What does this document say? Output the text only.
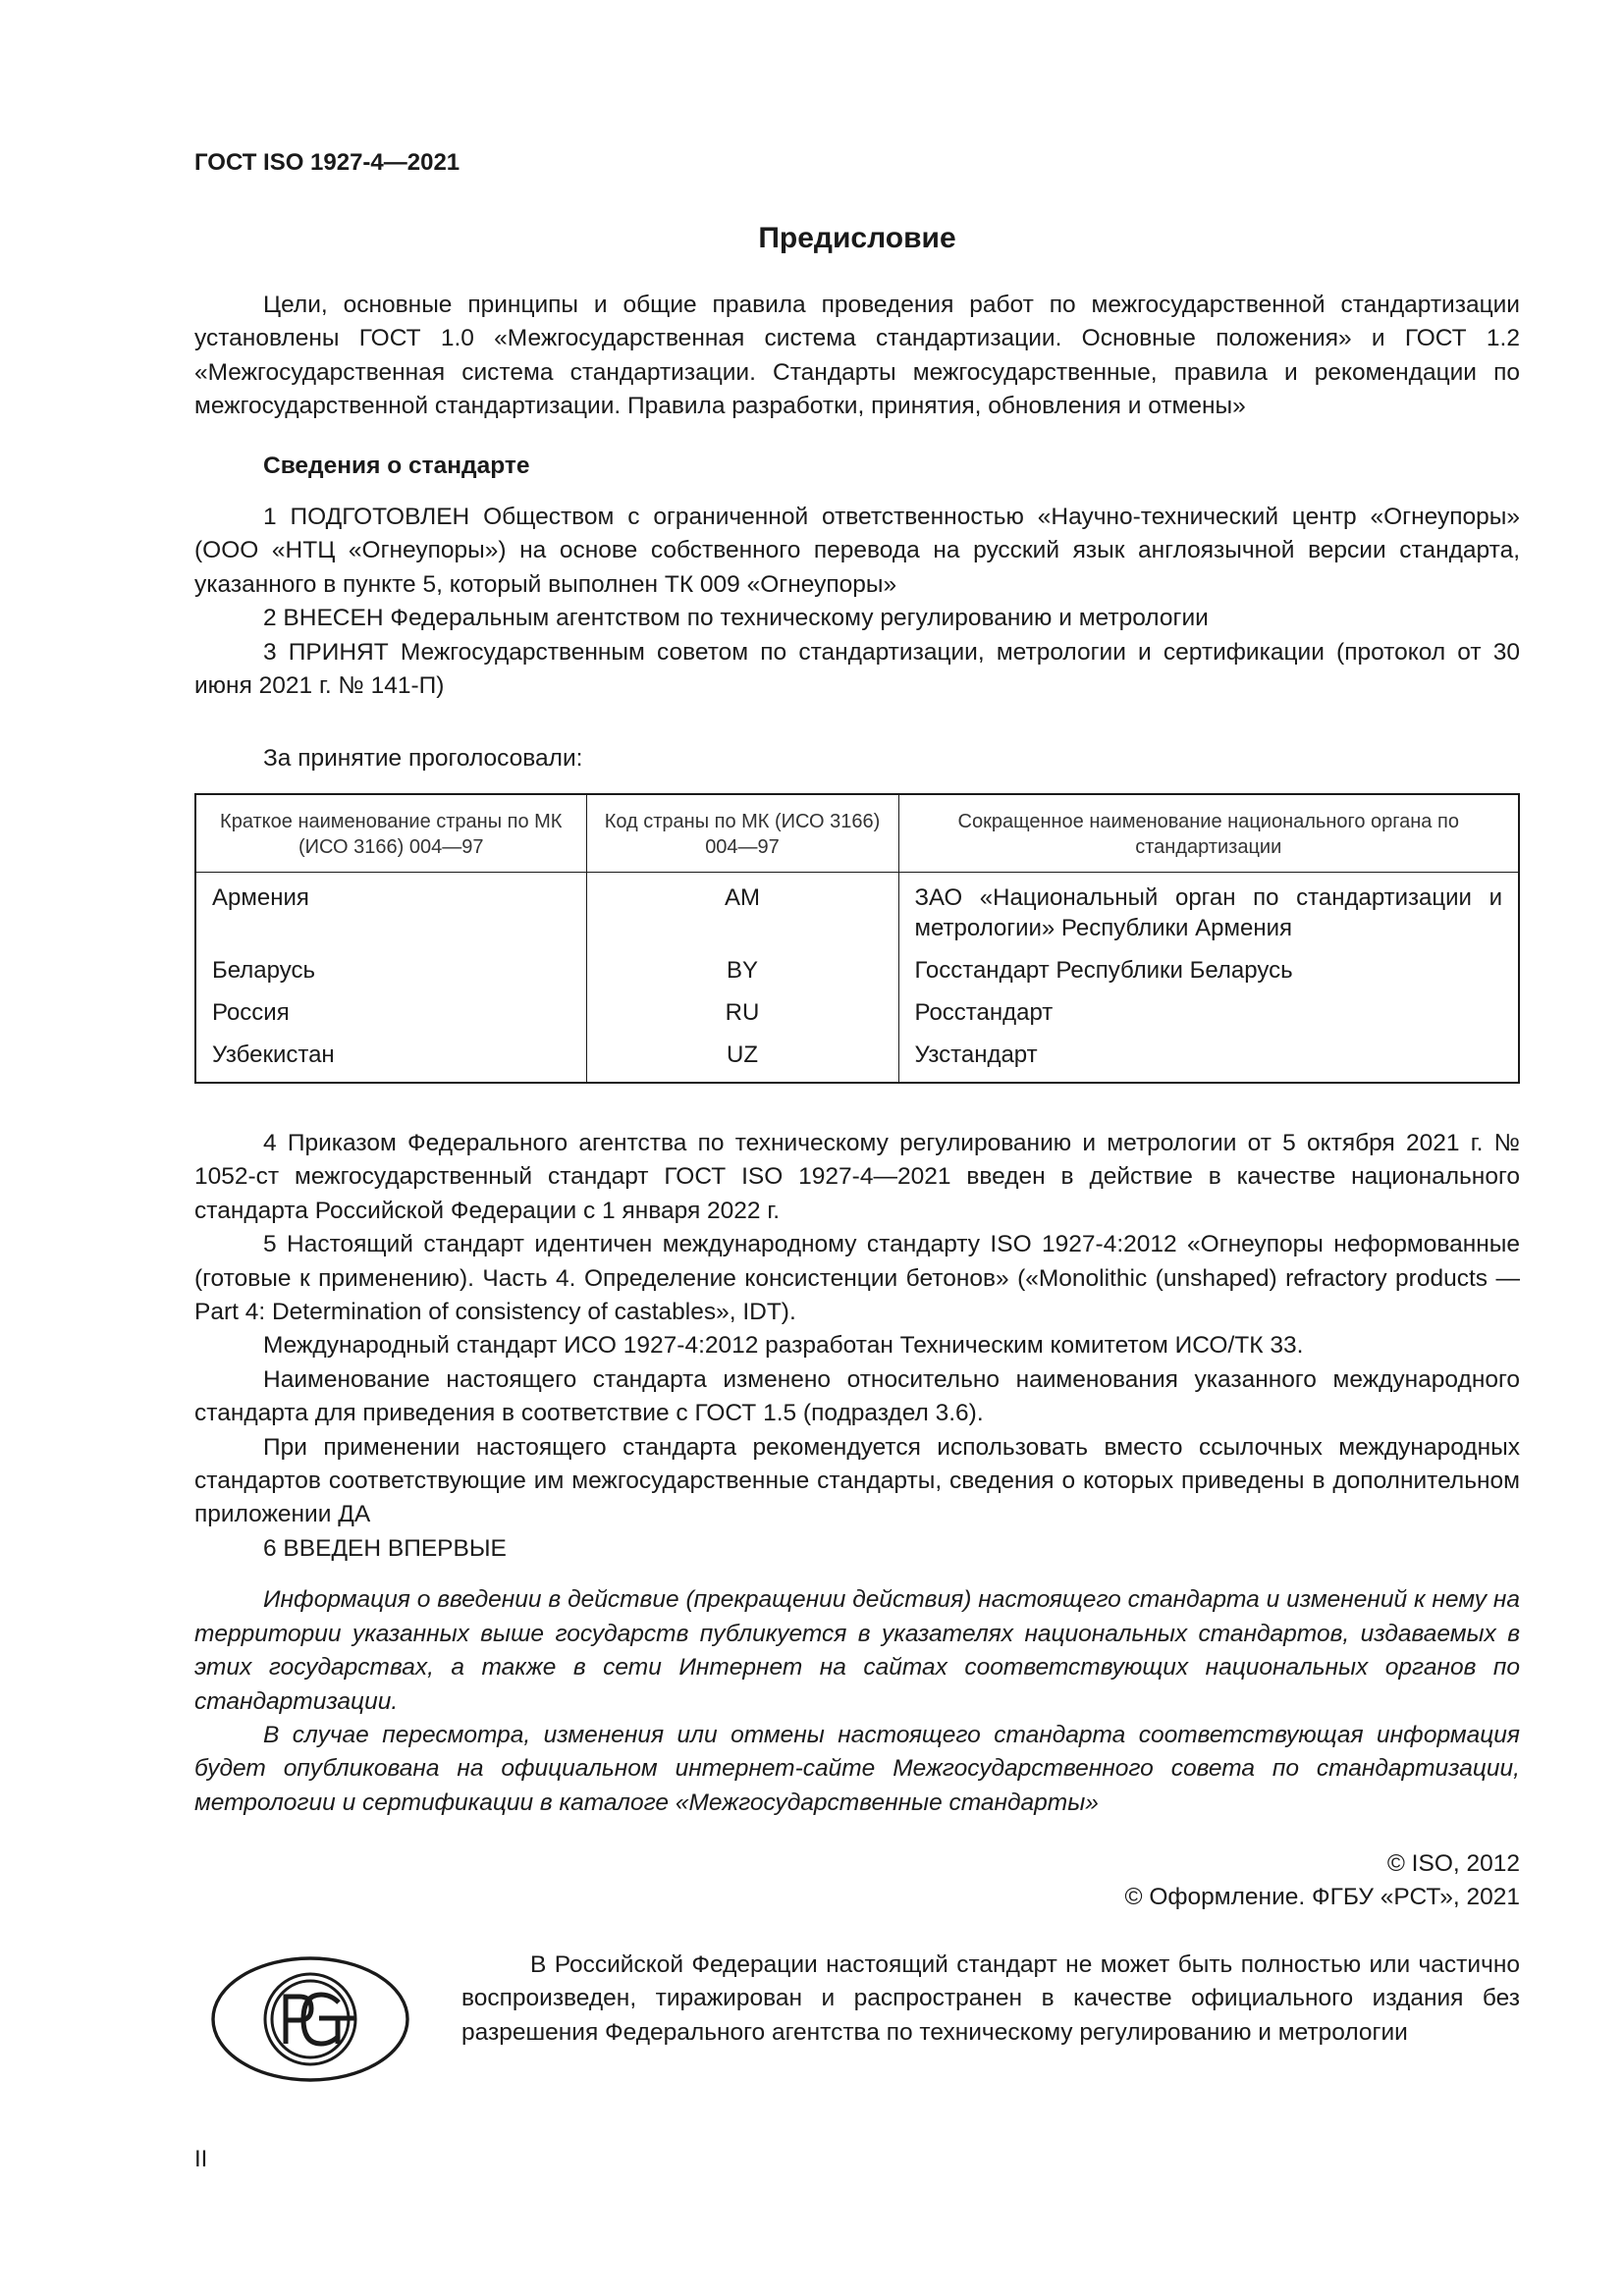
ГОСТ ISO 1927-4—2021
Предисловие

Цели, основные принципы и общие правила проведения работ по межгосударственной стандартизации установлены ГОСТ 1.0 «Межгосударственная система стандартизации. Основные положения» и ГОСТ 1.2 «Межгосударственная система стандартизации. Стандарты межгосударственные, правила и рекомендации по межгосударственной стандартизации. Правила разработки, принятия, обновления и отмены»

Сведения о стандарте

1 ПОДГОТОВЛЕН Обществом с ограниченной ответственностью «Научно-технический центр «Огнеупоры» (ООО «НТЦ «Огнеупоры») на основе собственного перевода на русский язык англоязычной версии стандарта, указанного в пункте 5, который выполнен ТК 009 «Огнеупоры»

2 ВНЕСЕН Федеральным агентством по техническому регулированию и метрологии

3 ПРИНЯТ Межгосударственным советом по стандартизации, метрологии и сертификации (протокол от 30 июня 2021 г. № 141-П)

За принятие проголосовали:

Краткое наименование страны по МК (ИСО 3166) 004—97	Код страны по МК (ИСО 3166) 004—97	Сокращенное наименование национального органа по стандартизации
Армения	AM	ЗАО «Национальный орган по стандартизации и метрологии» Республики Армения
Беларусь	BY	Госстандарт Республики Беларусь
Россия	RU	Росстандарт
Узбекистан	UZ	Узстандарт

4 Приказом Федерального агентства по техническому регулированию и метрологии от 5 октября 2021 г. № 1052-ст межгосударственный стандарт ГОСТ ISO 1927-4—2021 введен в действие в качестве национального стандарта Российской Федерации с 1 января 2022 г.

5 Настоящий стандарт идентичен международному стандарту ISO 1927-4:2012 «Огнеупоры неформованные (готовые к применению). Часть 4. Определение консистенции бетонов» («Monolithic (unshaped) refractory products — Part 4: Determination of consistency of castables», IDT).

Международный стандарт ИСО 1927-4:2012 разработан Техническим комитетом ИСО/ТК 33.

Наименование настоящего стандарта изменено относительно наименования указанного международного стандарта для приведения в соответствие с ГОСТ 1.5 (подраздел 3.6).

При применении настоящего стандарта рекомендуется использовать вместо ссылочных международных стандартов соответствующие им межгосударственные стандарты, сведения о которых приведены в дополнительном приложении ДА

6 ВВЕДЕН ВПЕРВЫЕ

Информация о введении в действие (прекращении действия) настоящего стандарта и изменений к нему на территории указанных выше государств публикуется в указателях национальных стандартов, издаваемых в этих государствах, а также в сети Интернет на сайтах соответствующих национальных органов по стандартизации.

В случае пересмотра, изменения или отмены настоящего стандарта соответствующая информация будет опубликована на официальном интернет-сайте Межгосударственного совета по стандартизации, метрологии и сертификации в каталоге «Межгосударственные стандарты»

© ISO, 2012
© Оформление. ФГБУ «РСТ», 2021

В Российской Федерации настоящий стандарт не может быть полностью или частично воспроизведен, тиражирован и распространен в качестве официального издания без разрешения Федерального агентства по техническому регулированию и метрологии

II
